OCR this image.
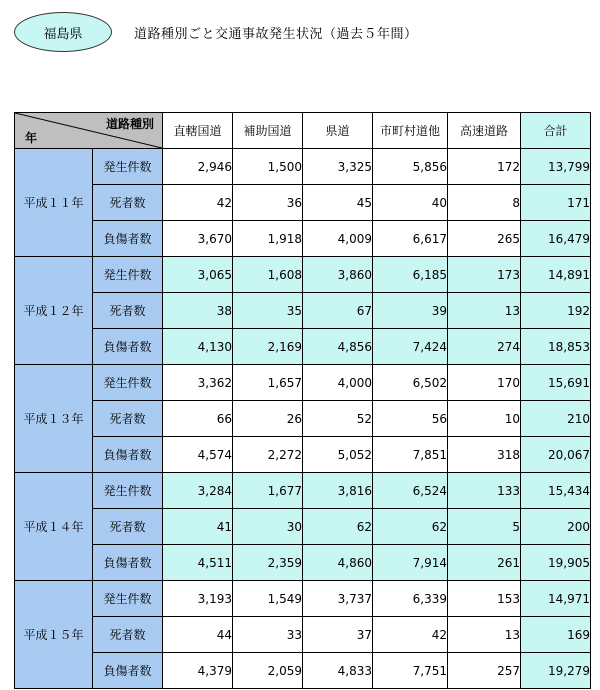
福島県	道路種別ごと交通事故発生状況（過去５年間）
道路種別
年		直轄国道	補助国道	県道	市町村道他	高速道路	合計
平成１１年	発生件数	2,946	1,500	3,325	5,856	172	13,799
	死者数	42	36	45	40	8	171
	負傷者数	3,670	1,918	4,009	6,617	265	16,479
平成１２年	発生件数	3,065	1,608	3,860	6,185	173	14,891
	死者数	38	35	67	39	13	192
	負傷者数	4,130	2,169	4,856	7,424	274	18,853
平成１３年	発生件数	3,362	1,657	4,000	6,502	170	15,691
	死者数	66	26	52	56	10	210
	負傷者数	4,574	2,272	5,052	7,851	318	20,067
平成１４年	発生件数	3,284	1,677	3,816	6,524	133	15,434
	死者数	41	30	62	62	5	200
	負傷者数	4,511	2,359	4,860	7,914	261	19,905
平成１５年	発生件数	3,193	1,549	3,737	6,339	153	14,971
	死者数	44	33	37	42	13	169
	負傷者数	4,379	2,059	4,833	7,751	257	19,279
